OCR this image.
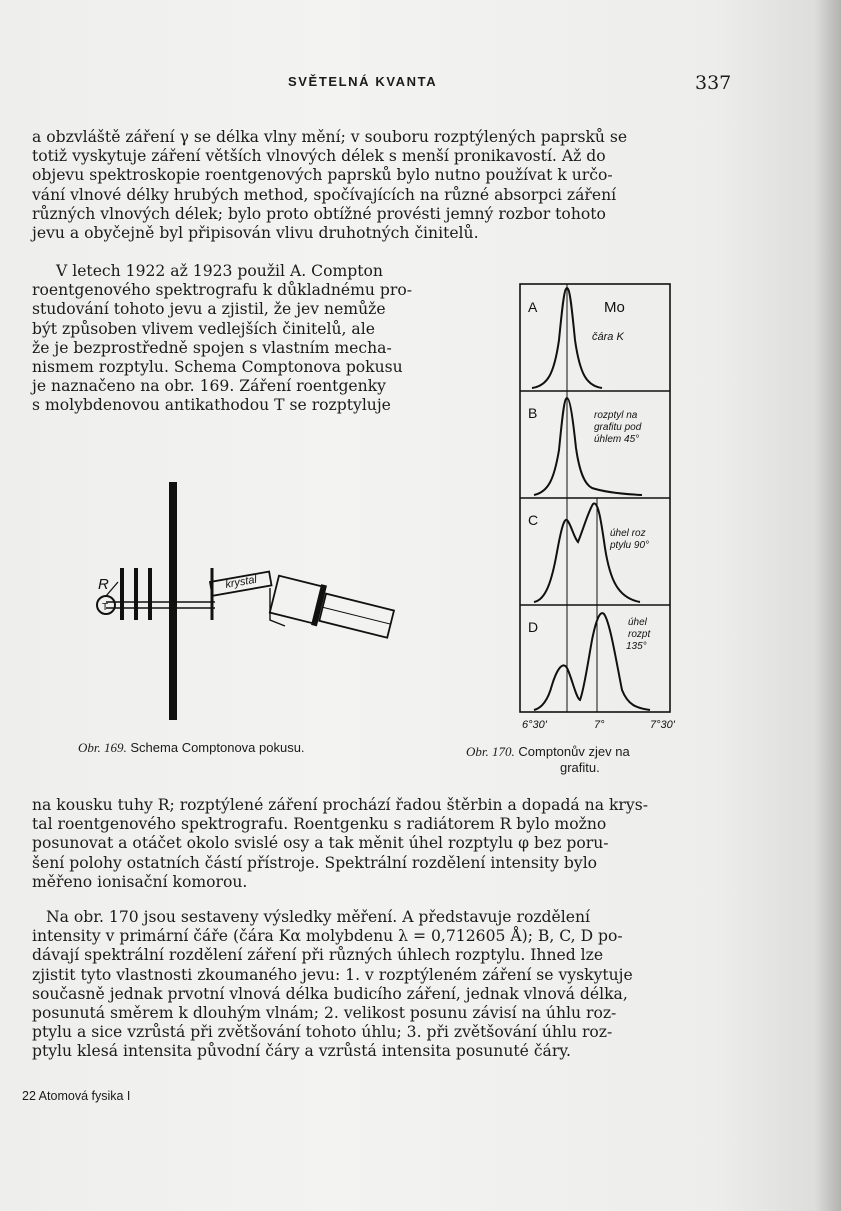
SVĚTELNÁ KVANTA	337
a obzvláště záření γ se délka vlny mění; v souboru rozptýlených paprsků se
totiž vyskytuje záření větších vlnových délek s menší pronikavostí. Až do
objevu spektroskopie roentgenových paprsků bylo nutno používat k určo-
vání vlnové délky hrubých method, spočívajících na různé absorpci záření
různých vlnových délek; bylo proto obtížné provésti jemný rozbor tohoto
jevu a obyčejně byl připisován vlivu druhotných činitelů.
V letech 1922 až 1923 použil A. Compton
roentgenového spektrografu k důkladnému pro-
studování tohoto jevu a zjistil, že jev nemůže
být způsoben vlivem vedlejších činitelů, ale
že je bezprostředně spojen s vlastním mecha-
nismem rozptylu. Schema Comptonova pokusu
je naznačeno na obr. 169. Záření roentgenky
s molybdenovou antikathodou T se rozptyluje
R
T
krystal
A	Mo
čára K
B	rozptyl na
grafitu pod
úhlem 45°
C
úhel roz
ptylu 90°
D	úhel
rozpt
135°
6°30'	7°	7°30'
Obr. 169. Schema Comptonova pokusu.	Obr. 170. Comptonův zjev na
grafitu.
na kousku tuhy R; rozptýlené záření prochází řadou štěrbin a dopadá na krys-
tal roentgenového spektrografu. Roentgenku s radiátorem R bylo možno
posunovat a otáčet okolo svislé osy a tak měnit úhel rozptylu φ bez poru-
šení polohy ostatních částí přístroje. Spektrální rozdělení intensity bylo
měřeno ionisační komorou.
Na obr. 170 jsou sestaveny výsledky měření. A představuje rozdělení
intensity v primární čáře (čára Kα molybdenu λ = 0,712605 Å); B, C, D po-
dávají spektrální rozdělení záření při různých úhlech rozptylu. Ihned lze
zjistit tyto vlastnosti zkoumaného jevu: 1. v rozptýleném záření se vyskytuje
současně jednak prvotní vlnová délka budicího záření, jednak vlnová délka,
posunutá směrem k dlouhým vlnám; 2. velikost posunu závisí na úhlu roz-
ptylu a sice vzrůstá při zvětšování tohoto úhlu; 3. při zvětšování úhlu roz-
ptylu klesá intensita původní čáry a vzrůstá intensita posunuté čáry.
22 Atomová fysika I
